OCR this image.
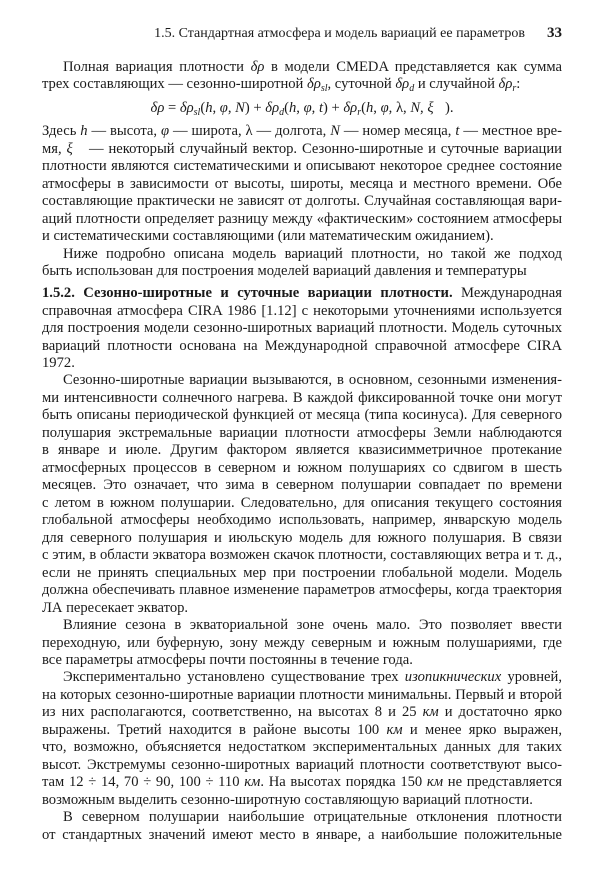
1.5. Стандартная атмосфера и модель вариаций ее параметров 33
Полная вариация плотности δρ в модели CMEDA представляется как сумма
трех составляющих — сезонно-широтной $\delta\rho_{sl}$, суточной $\delta\rho_d$ и случайной $\delta\rho_r$:
$\delta\rho = \delta\rho_{sl}(h$, φ, $N) + \delta\rho_d(h$, φ, $t) + \delta\rho_r(h$, φ, λ, N, ξ⃗).
Здесь h — высота, φ — широта, λ — долгота, N — номер месяца, t — местное вре-
мя, ξ⃗ — некоторый случайный вектор. Сезонно-широтные и суточные вариации
плотности являются систематическими и описывают некоторое среднее состояние
атмосферы в зависимости от высоты, широты, месяца и местного времени. Обе
составляющие практически не зависят от долготы. Случайная составляющая вари-
аций плотности определяет разницу между «фактическим» состоянием атмосферы
и систематическими составляющими (или математическим ожиданием).
Ниже подробно описана модель вариаций плотности, но такой же подход
быть использован для построения моделей вариаций давления и температуры
1.5.2. Сезонно-широтные и суточные вариации плотности. Международная
справочная атмосфера CIRA 1986 [1.12] с некоторыми уточнениями используется
для построения модели сезонно-широтных вариаций плотности. Модель суточных
вариаций плотности основана на Международной справочной атмосфере CIRA
1972.
Сезонно-широтные вариации вызываются, в основном, сезонными изменения-
ми интенсивности солнечного нагрева. В каждой фиксированной точке они могут
быть описаны периодической функцией от месяца (типа косинуса). Для северного
полушария экстремальные вариации плотности атмосферы Земли наблюдаются
в январе и июле. Другим фактором является квазисимметричное протекание
атмосферных процессов в северном и южном полушариях со сдвигом в шесть
месяцев. Это означает, что зима в северном полушарии совпадает по времени
с летом в южном полушарии. Следовательно, для описания текущего состояния
глобальной атмосферы необходимо использовать, например, январскую модель
для северного полушария и июльскую модель для южного полушария. В связи
с этим, в области экватора возможен скачок плотности, составляющих ветра и т. д.,
если не принять специальных мер при построении глобальной модели. Модель
должна обеспечивать плавное изменение параметров атмосферы, когда траектория
ЛА пересекает экватор.
Влияние сезона в экваториальной зоне очень мало. Это позволяет ввести
переходную, или буферную, зону между северным и южным полушариями, где
все параметры атмосферы почти постоянны в течение года.
Экспериментально установлено существование трех изопикнических уровней,
на которых сезонно-широтные вариации плотности минимальны. Первый и второй
из них располагаются, соответственно, на высотах 8 и 25 км и достаточно ярко
выражены. Третий находится в районе высоты 100 км и менее ярко выражен,
что, возможно, объясняется недостатком экспериментальных данных для таких
высот. Экстремумы сезонно-широтных вариаций плотности соответствуют высо-
там 12 ÷ 14, 70 ÷ 90, 100 ÷ 110 км. На высотах порядка 150 км не представляется
возможным выделить сезонно-широтную составляющую вариаций плотности.
В северном полушарии наибольшие отрицательные отклонения плотности
от стандартных значений имеют место в январе, а наибольшие положительные
